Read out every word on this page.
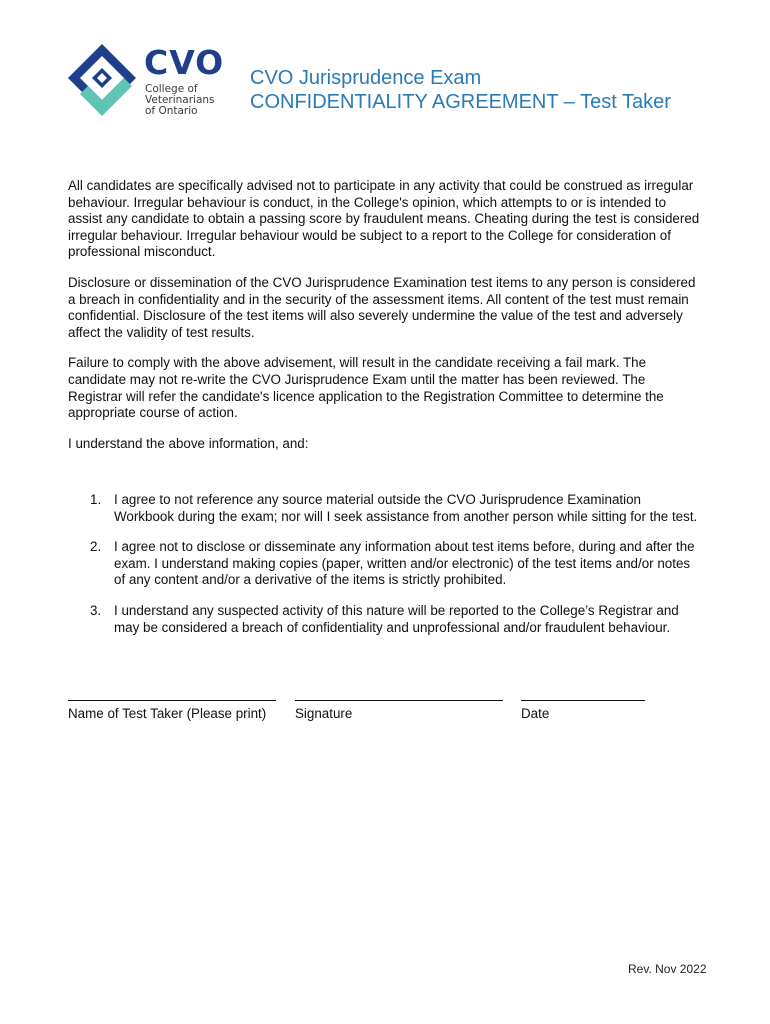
CVO
College of
Veterinarians
of Ontario
CVO Jurisprudence Exam
CONFIDENTIALITY AGREEMENT – Test Taker

All candidates are specifically advised not to participate in any activity that could be construed as irregular behaviour. Irregular behaviour is conduct, in the College's opinion, which attempts to or is intended to assist any candidate to obtain a passing score by fraudulent means. Cheating during the test is considered irregular behaviour. Irregular behaviour would be subject to a report to the College for consideration of professional misconduct.

Disclosure or dissemination of the CVO Jurisprudence Examination test items to any person is considered a breach in confidentiality and in the security of the assessment items. All content of the test must remain confidential. Disclosure of the test items will also severely undermine the value of the test and adversely affect the validity of test results.

Failure to comply with the above advisement, will result in the candidate receiving a fail mark. The candidate may not re-write the CVO Jurisprudence Exam until the matter has been reviewed. The Registrar will refer the candidate's licence application to the Registration Committee to determine the appropriate course of action.

I understand the above information, and:

1. I agree to not reference any source material outside the CVO Jurisprudence Examination Workbook during the exam; nor will I seek assistance from another person while sitting for the test.
2. I agree not to disclose or disseminate any information about test items before, during and after the exam. I understand making copies (paper, written and/or electronic) of the test items and/or notes of any content and/or a derivative of the items is strictly prohibited.
3. I understand any suspected activity of this nature will be reported to the College’s Registrar and may be considered a breach of confidentiality and unprofessional and/or fraudulent behaviour.
Name of Test Taker (Please print)	Signature	Date
Rev. Nov 2022
